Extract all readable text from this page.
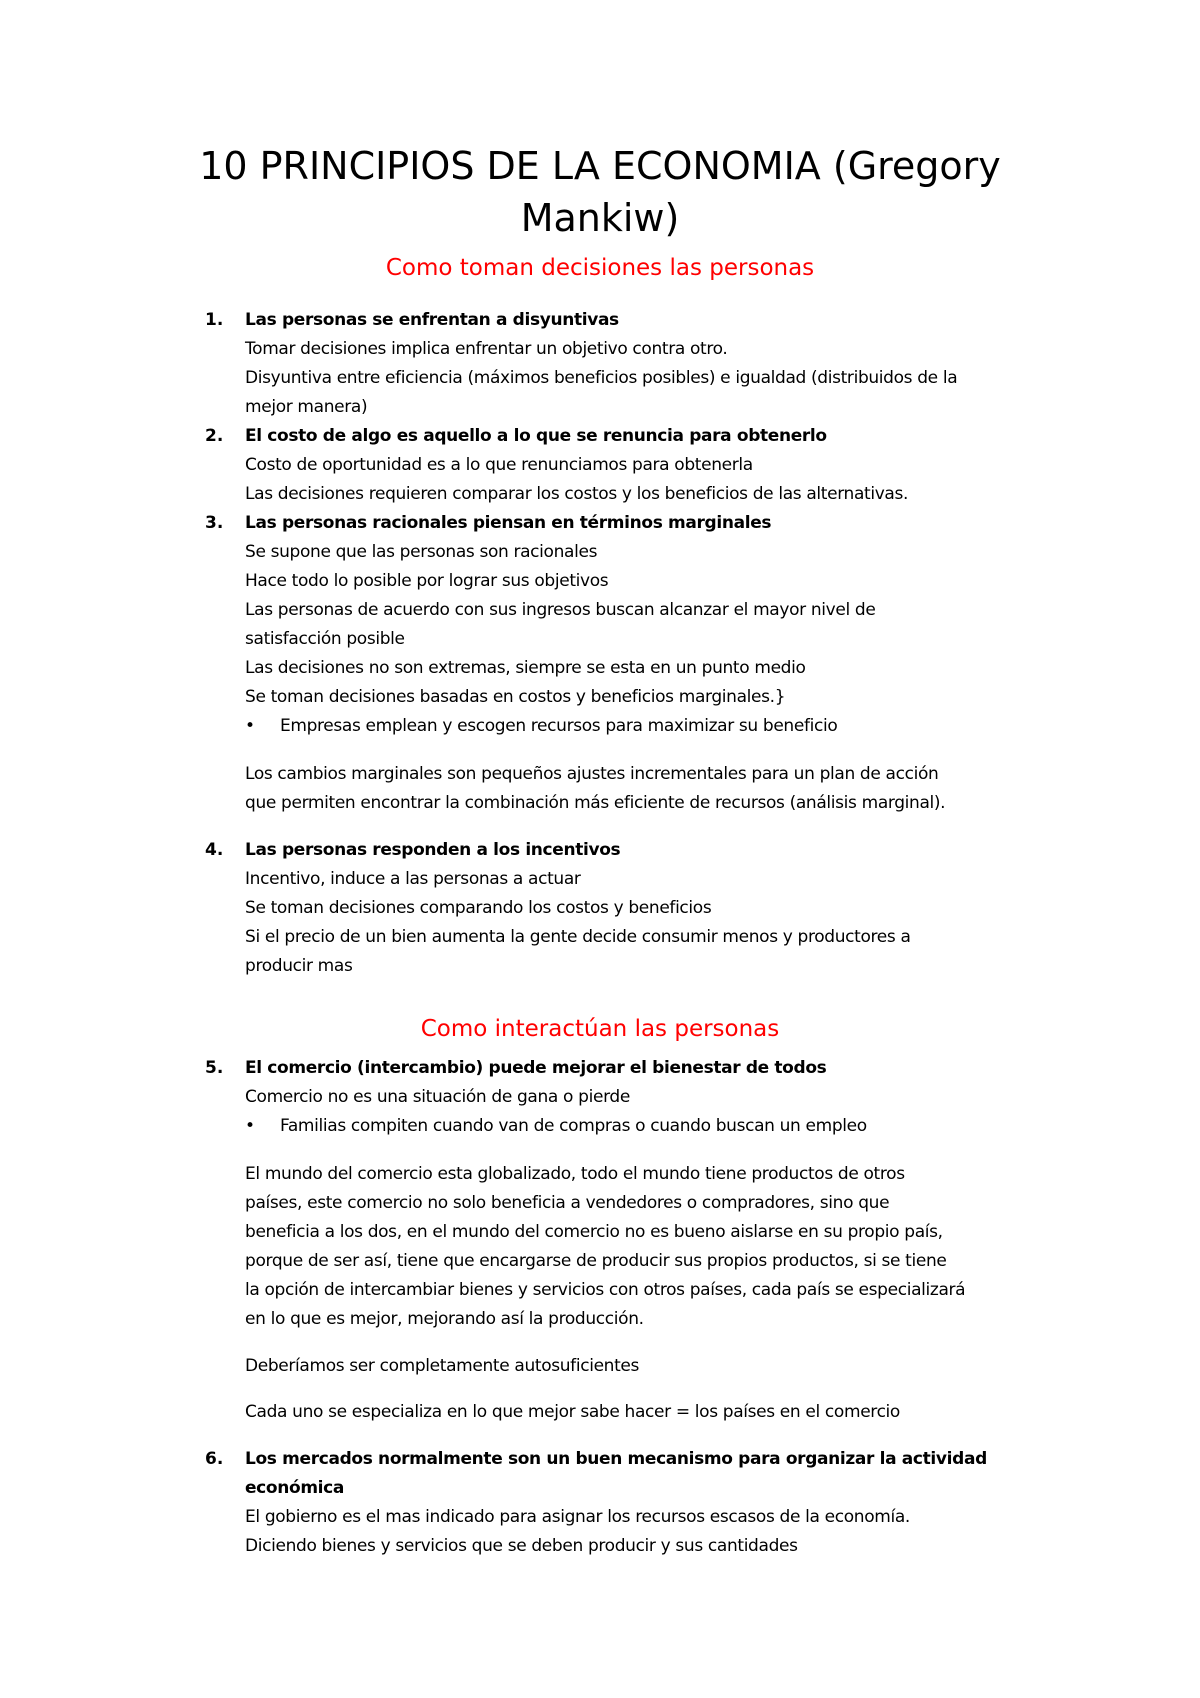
10 PRINCIPIOS DE LA ECONOMIA (Gregory
Mankiw)
Como toman decisiones las personas
1. Las personas se enfrentan a disyuntivas
Tomar decisiones implica enfrentar un objetivo contra otro.
Disyuntiva entre eficiencia (máximos beneficios posibles) e igualdad (distribuidos de la
mejor manera)
2. El costo de algo es aquello a lo que se renuncia para obtenerlo
Costo de oportunidad es a lo que renunciamos para obtenerla
Las decisiones requieren comparar los costos y los beneficios de las alternativas.
3. Las personas racionales piensan en términos marginales
Se supone que las personas son racionales
Hace todo lo posible por lograr sus objetivos
Las personas de acuerdo con sus ingresos buscan alcanzar el mayor nivel de
satisfacción posible
Las decisiones no son extremas, siempre se esta en un punto medio
Se toman decisiones basadas en costos y beneficios marginales.}
• Empresas emplean y escogen recursos para maximizar su beneficio
Los cambios marginales son pequeños ajustes incrementales para un plan de acción
que permiten encontrar la combinación más eficiente de recursos (análisis marginal).
4. Las personas responden a los incentivos
Incentivo, induce a las personas a actuar
Se toman decisiones comparando los costos y beneficios
Si el precio de un bien aumenta la gente decide consumir menos y productores a
producir mas
Como interactúan las personas
5. El comercio (intercambio) puede mejorar el bienestar de todos
Comercio no es una situación de gana o pierde
• Familias compiten cuando van de compras o cuando buscan un empleo
El mundo del comercio esta globalizado, todo el mundo tiene productos de otros
países, este comercio no solo beneficia a vendedores o compradores, sino que
beneficia a los dos, en el mundo del comercio no es bueno aislarse en su propio país,
porque de ser así, tiene que encargarse de producir sus propios productos, si se tiene
la opción de intercambiar bienes y servicios con otros países, cada país se especializará
en lo que es mejor, mejorando así la producción.
Deberíamos ser completamente autosuficientes
Cada uno se especializa en lo que mejor sabe hacer = los países en el comercio
6. Los mercados normalmente son un buen mecanismo para organizar la actividad
económica
El gobierno es el mas indicado para asignar los recursos escasos de la economía.
Diciendo bienes y servicios que se deben producir y sus cantidades
